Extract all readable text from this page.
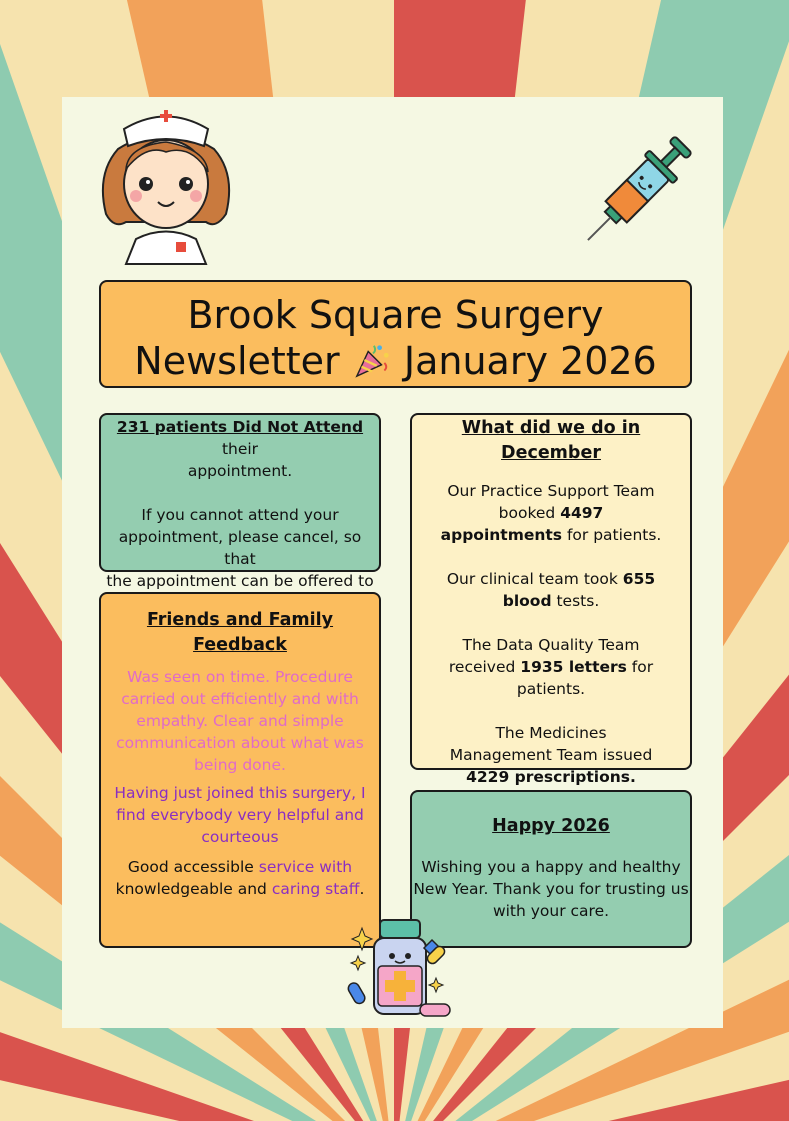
Brook Square Surgery
Newsletter January 2026
231 patients Did Not Attend their
appointment.
If you cannot attend your
appointment, please cancel, so that
the appointment can be offered to
What did we do in December
Our Practice Support Team
booked 4497
appointments for patients.
Our clinical team took 655
blood tests.
The Data Quality Team
received 1935 letters for
patients.
The Medicines
Management Team issued
4229 prescriptions.
Friends and Family Feedback
Was seen on time. Procedure
carried out efficiently and with
empathy. Clear and simple
communication about what was
being done.
Having just joined this surgery, I
find everybody very helpful and
courteous
Good accessible service with
knowledgeable and caring staff.
Happy 2026
Wishing you a happy and healthy
New Year. Thank you for trusting us
with your care.
